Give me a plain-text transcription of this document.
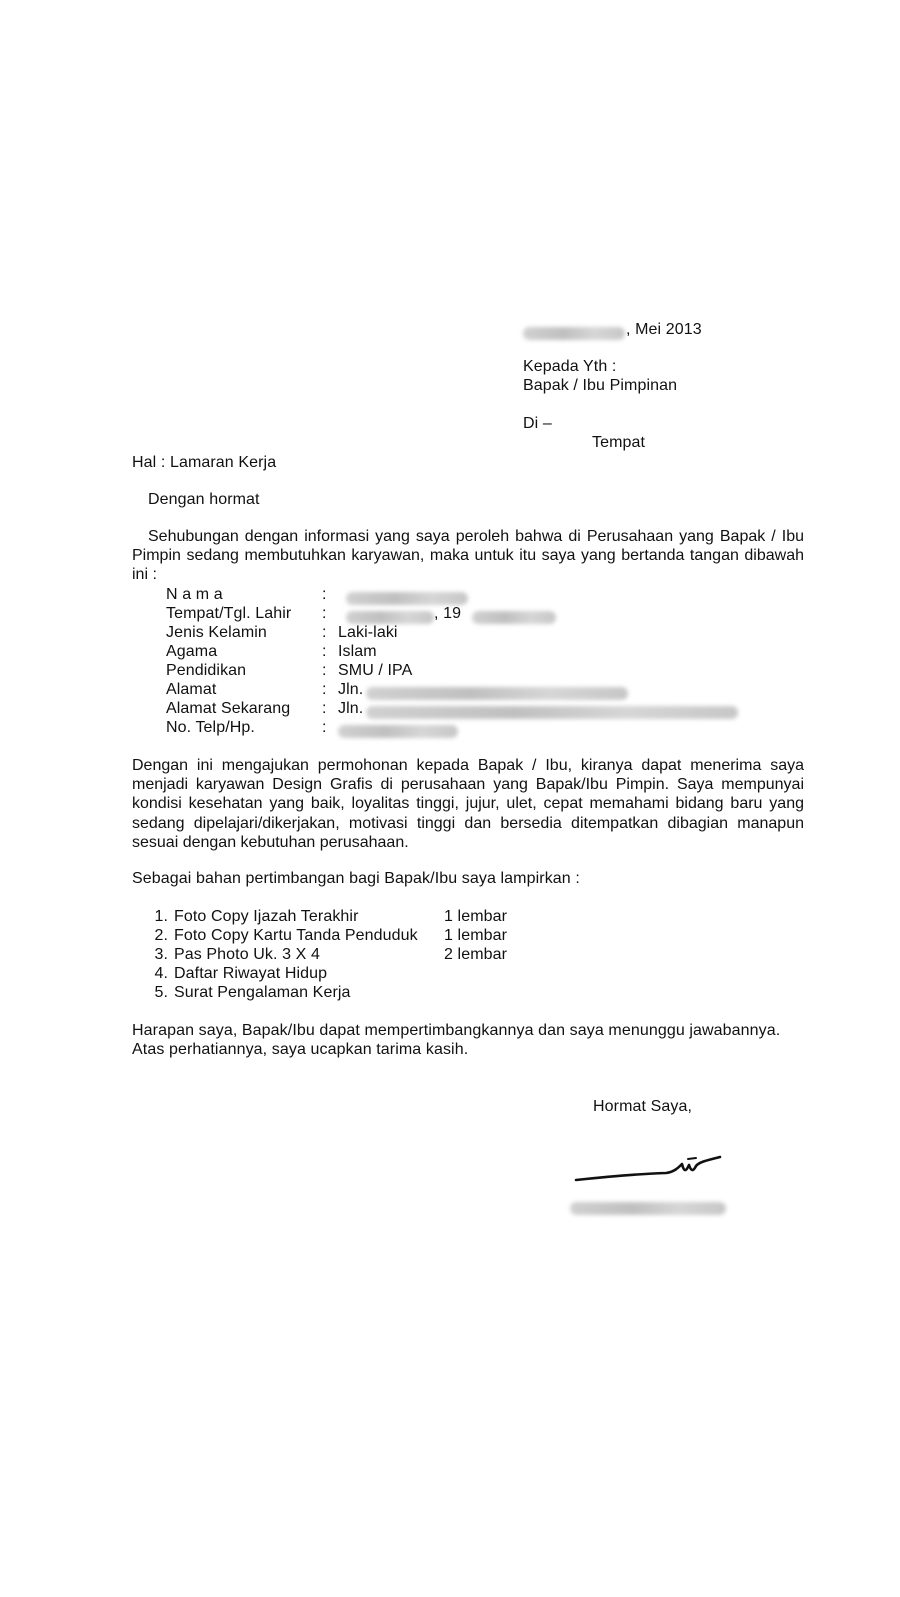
, Mei 2013
Kepada Yth :
Bapak / Ibu Pimpinan
Di –
Tempat
Hal : Lamaran Kerja
Dengan hormat
Sehubungan dengan informasi yang saya peroleh bahwa di Perusahaan yang Bapak / Ibu Pimpin sedang membutuhkan karyawan, maka untuk itu saya yang bertanda tangan dibawah ini :
N a m a	:
Tempat/Tgl. Lahir :	, 19
Jenis Kelamin	: Laki-laki
Agama	: Islam
Pendidikan	: SMU / IPA
Alamat	: Jln.
Alamat Sekarang : Jln.
No. Telp/Hp.	:
Dengan ini mengajukan permohonan kepada Bapak / Ibu, kiranya dapat menerima saya menjadi karyawan Design Grafis di perusahaan yang Bapak/Ibu Pimpin. Saya mempunyai kondisi kesehatan yang baik, loyalitas tinggi, jujur, ulet, cepat memahami bidang baru yang sedang dipelajari/dikerjakan, motivasi tinggi dan bersedia ditempatkan dibagian manapun sesuai dengan kebutuhan perusahaan.
Sebagai bahan pertimbangan bagi Bapak/Ibu saya lampirkan :
1. Foto Copy Ijazah Terakhir	1 lembar
2. Foto Copy Kartu Tanda Penduduk 1 lembar
3. Pas Photo Uk. 3 X 4	2 lembar
4. Daftar Riwayat Hidup
5. Surat Pengalaman Kerja
Harapan saya, Bapak/Ibu dapat mempertimbangkannya dan saya menunggu jawabannya.
Atas perhatiannya, saya ucapkan tarima kasih.
Hormat Saya,
